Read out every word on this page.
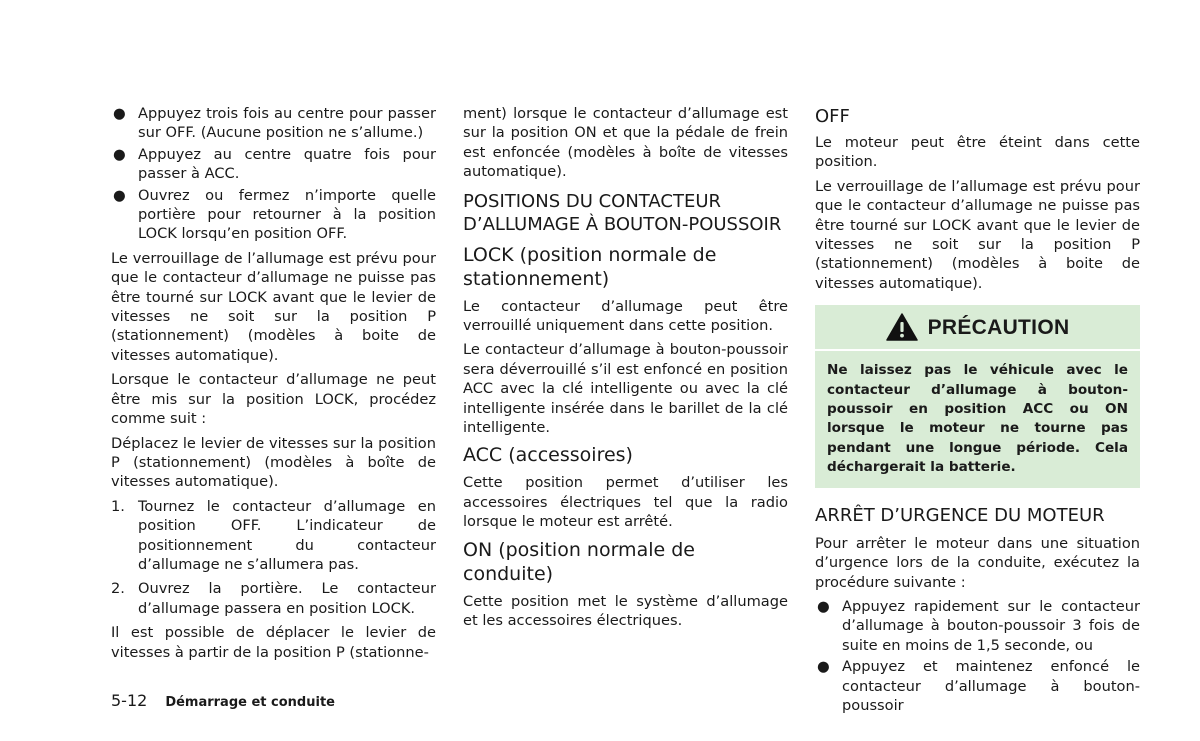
● Appuyez trois fois au centre pour passer sur OFF. (Aucune position ne s’allume.)
● Appuyez au centre quatre fois pour passer à ACC.
● Ouvrez ou fermez n’importe quelle portière pour retourner à la position LOCK lorsqu’en position OFF.

Le verrouillage de l’allumage est prévu pour que le contacteur d’allumage ne puisse pas être tourné sur LOCK avant que le levier de vitesses ne soit sur la position P (stationnement) (modèles à boite de vitesses automatique).

Lorsque le contacteur d’allumage ne peut être mis sur la position LOCK, procédez comme suit :

Déplacez le levier de vitesses sur la position P (stationnement) (modèles à boîte de vitesses automatique).

1. Tournez le contacteur d’allumage en position OFF. L’indicateur de positionnement du contacteur d’allumage ne s’allumera pas.
2. Ouvrez la portière. Le contacteur d’allumage passera en position LOCK.

Il est possible de déplacer le levier de vitesses à partir de la position P (stationne-

ment) lorsque le contacteur d’allumage est sur la position ON et que la pédale de frein est enfoncée (modèles à boîte de vitesses automatique).

POSITIONS DU CONTACTEUR D’ALLUMAGE À BOUTON-POUSSOIR
LOCK (position normale de stationnement)

Le contacteur d’allumage peut être verrouillé uniquement dans cette position.

Le contacteur d’allumage à bouton-poussoir sera déverrouillé s’il est enfoncé en position ACC avec la clé intelligente ou avec la clé intelligente insérée dans le barillet de la clé intelligente.

ACC (accessoires)

Cette position permet d’utiliser les accessoires électriques tel que la radio lorsque le moteur est arrêté.

ON (position normale de conduite)

Cette position met le système d’allumage et les accessoires électriques.

OFF

Le moteur peut être éteint dans cette position.

Le verrouillage de l’allumage est prévu pour que le contacteur d’allumage ne puisse pas être tourné sur LOCK avant que le levier de vitesses ne soit sur la position P (stationnement) (modèles à boite de vitesses automatique).

PRÉCAUTION
Ne laissez pas le véhicule avec le contacteur d’allumage à bouton-poussoir en position ACC ou ON lorsque le moteur ne tourne pas pendant une longue période. Cela déchargerait la batterie.
ARRÊT D’URGENCE DU MOTEUR

Pour arrêter le moteur dans une situation d’urgence lors de la conduite, exécutez la procédure suivante :

● Appuyez rapidement sur le contacteur d’allumage à bouton-poussoir 3 fois de suite en moins de 1,5 seconde, ou
● Appuyez et maintenez enfoncé le contacteur d’allumage à bouton-poussoir
5-12 Démarrage et conduite
